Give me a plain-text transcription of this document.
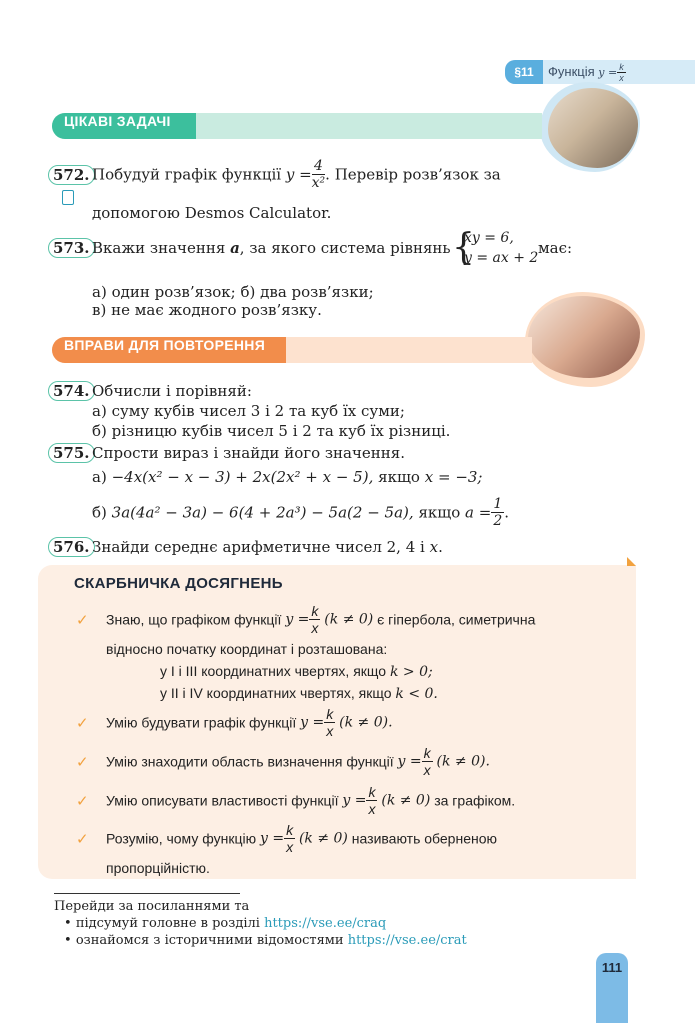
§11	Функція $y = \frac{k}{x}$
ЦІКАВІ ЗАДАЧІ
572. Побудуй графік функції $y = \frac{4}{\text{x²}}$ . Перевір розв’язок за
допомогою Desmos Calculator.
573. Вкажи значення a, за якого система рівнянь {
xy = 6,
y = ax + 2
має:
а) один розв’язок; б) два розв’язки;
в) не має жодного розв’язку.
ВПРАВИ ДЛЯ ПОВТОРЕННЯ
574. Обчисли і порівняй:
а) суму кубів чисел 3 і 2 та куб їх суми;
б) різницю кубів чисел 5 і 2 та куб їх різниці.
575. Спрости вираз і знайди його значення.
а) −4x(x² − x − 3) + 2x(2x² + x − 5), якщо x = −3;
б) 3a(4a² − 3a) − 6(4 + 2a³) − 5a(2 − 5a), якщо $a = \frac{1}{2}$ .
576. Знайди середнє арифметичне чисел 2, 4 і x.
СКАРБНИЧКА ДОСЯГНЕНЬ
✓ Знаю, що графіком функції $y = \frac{k}{x} (k \ne 0)$ є гіпербола, симетрична
відносно початку координат і розташована:
у I і III координатних чвертях, якщо k > 0;
у II і IV координатних чвертях, якщо k < 0.
✓ Умію будувати графік функції $y = \frac{k}{x} (k \ne 0)$.
✓ Умію знаходити область визначення функції $y = \frac{k}{x} (k \ne 0)$.
✓ Умію описувати властивості функції $y = \frac{k}{x} (k \ne 0)$ за графіком.
✓ Розумію, чому функцію $y = \frac{k}{x} (k \ne 0)$ називають оберненою
пропорційністю.
Перейди за посиланнями та
• підсумуй головне в розділі https://vse.ee/craq
• ознайомся з історичними відомостями https://vse.ee/crat
111
